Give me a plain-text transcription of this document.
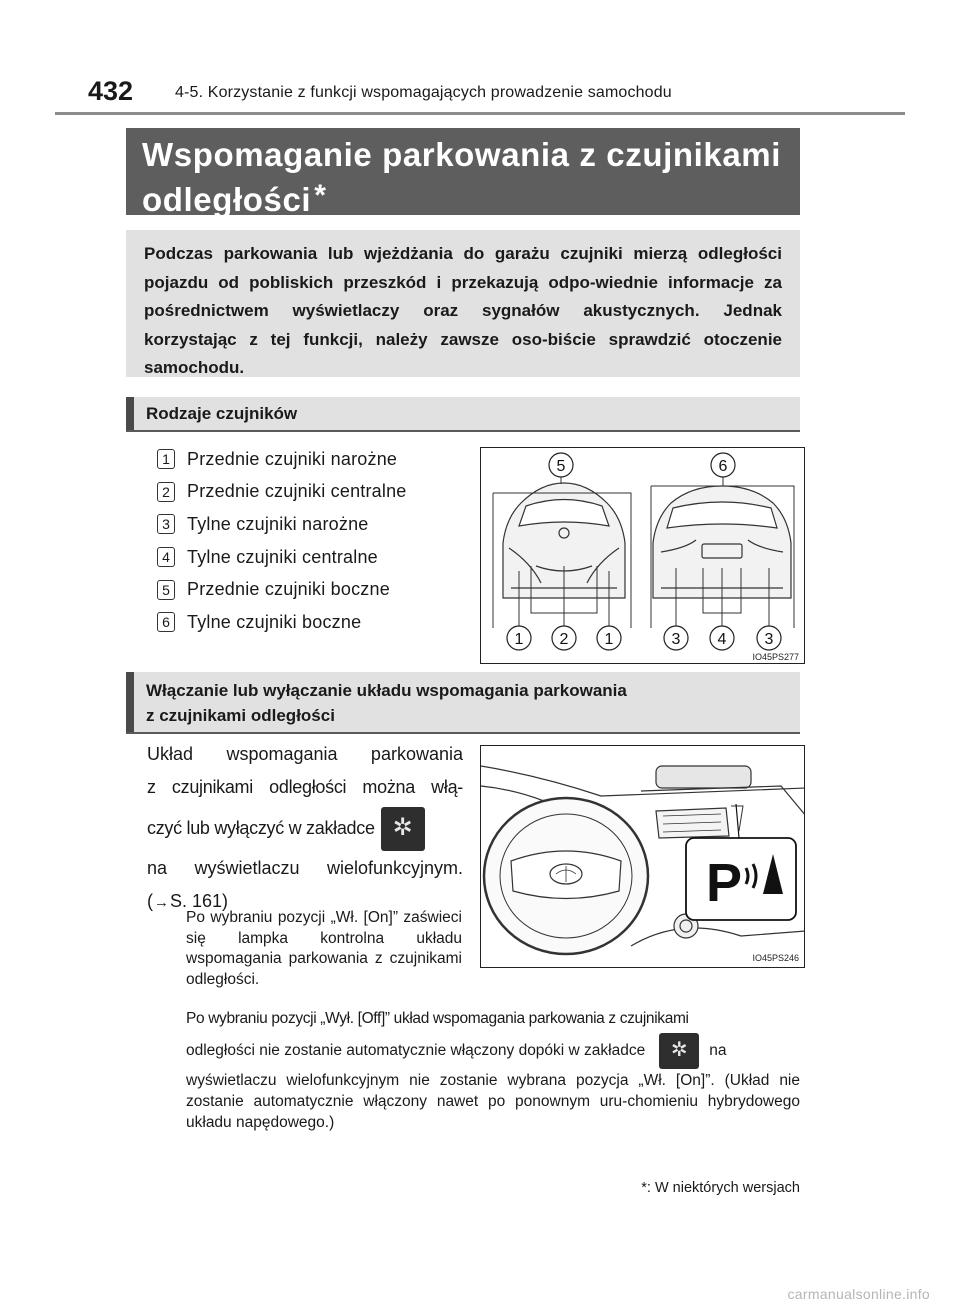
432	4-5. Korzystanie z funkcji wspomagających prowadzenie samochodu
Wspomaganie parkowania z czujnikami
odległości *
Podczas parkowania lub wjeżdżania do garażu czujniki mierzą odległości pojazdu od pobliskich przeszkód i przekazują odpo-wiednie informacje za pośrednictwem wyświetlaczy oraz sygnałów akustycznych. Jednak korzystając z tej funkcji, należy zawsze oso-biście sprawdzić otoczenie samochodu.
Rodzaje czujników
1 Przednie czujniki narożne
2 Przednie czujniki centralne
3 Tylne czujniki narożne
4 Tylne czujniki centralne
5 Przednie czujniki boczne
6 Tylne czujniki boczne
5	6
1 2 1	3 4 3
IO45PS277
Włączanie lub wyłączanie układu wspomagania parkowania
z czujnikami odległości
Układ wspomagania parkowania
z czujnikami odległości można włą-
czyć lub wyłączyć w zakładce ✲
na wyświetlaczu wielofunkcyjnym.
(→S. 161)	P
IO45PS246
Po wybraniu pozycji „Wł. [On]” zaświeci się lampka kontrolna układu wspomagania parkowania z czujnikami odległości.
Po wybraniu pozycji „Wył. [Off]” układ wspomagania parkowania z czujnikami
odległości nie zostanie automatycznie włączony dopóki w zakładce ✲ na
wyświetlaczu wielofunkcyjnym nie zostanie wybrana pozycja „Wł. [On]”. (Układ nie zostanie automatycznie włączony nawet po ponownym uru-chomieniu hybrydowego układu napędowego.)
*: W niektórych wersjach
carmanualsonline.info
